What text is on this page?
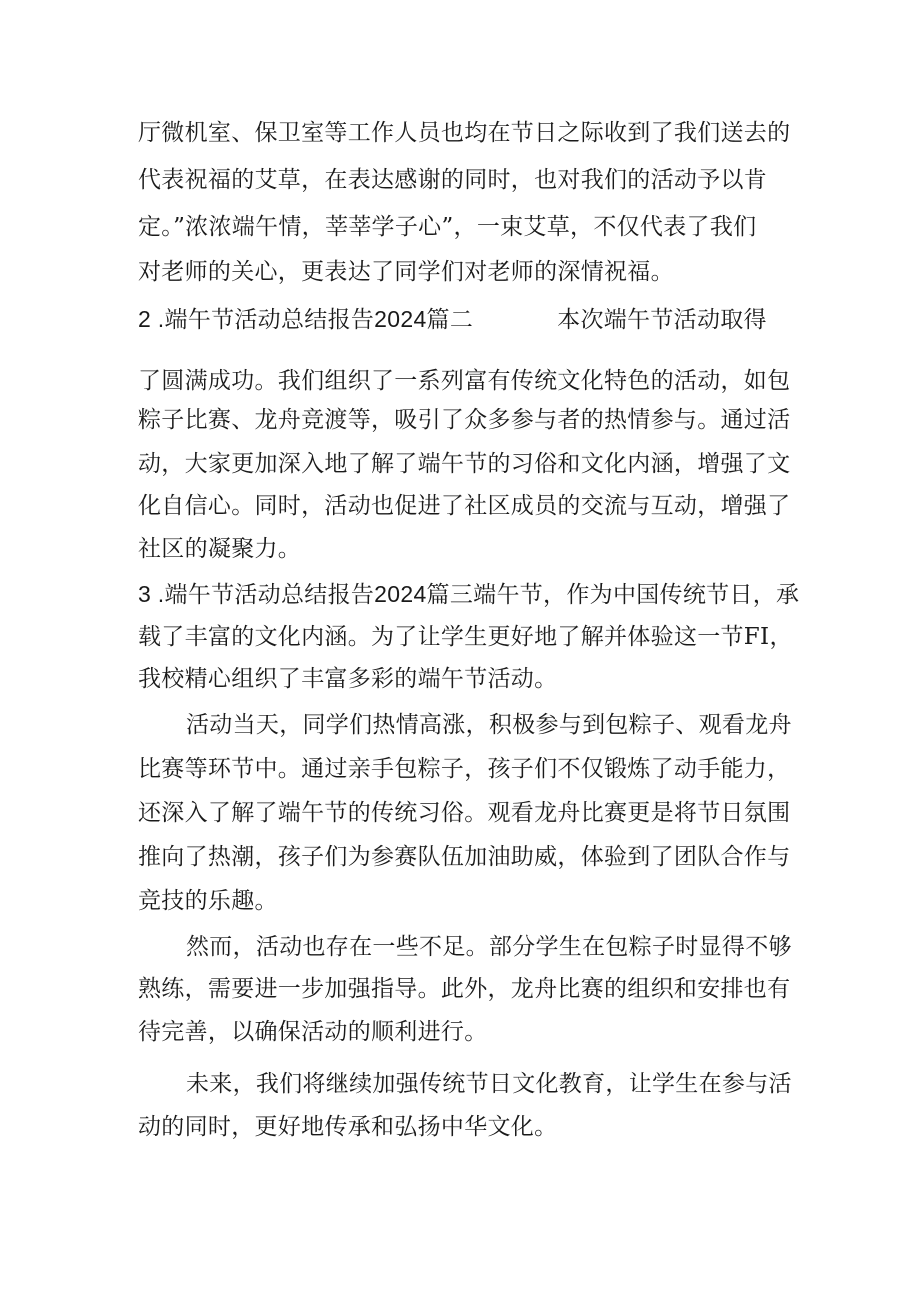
厅微机室、保卫室等工作人员也均在节日之际收到了我们送去的
代表祝福的艾草，在表达感谢的同时，也对我们的活动予以肯
定。”浓浓端午情，莘莘学子心”，一束艾草，不仅代表了我们
对老师的关心，更表达了同学们对老师的深情祝福。
2 .端午节活动总结报告2024篇二	本次端午节活动取得
了圆满成功。我们组织了一系列富有传统文化特色的活动，如包
粽子比赛、龙舟竞渡等，吸引了众多参与者的热情参与。通过活
动，大家更加深入地了解了端午节的习俗和文化内涵，增强了文
化自信心。同时，活动也促进了社区成员的交流与互动，增强了
社区的凝聚力。
3 .端午节活动总结报告2024篇三端午节，作为中国传统节日，承
载了丰富的文化内涵。为了让学生更好地了解并体验这一节FI，
我校精心组织了丰富多彩的端午节活动。
活动当天，同学们热情高涨，积极参与到包粽子、观看龙舟
比赛等环节中。通过亲手包粽子，孩子们不仅锻炼了动手能力，
还深入了解了端午节的传统习俗。观看龙舟比赛更是将节日氛围
推向了热潮，孩子们为参赛队伍加油助威，体验到了团队合作与
竞技的乐趣。
然而，活动也存在一些不足。部分学生在包粽子时显得不够
熟练，需要进一步加强指导。此外，龙舟比赛的组织和安排也有
待完善，以确保活动的顺利进行。
未来，我们将继续加强传统节日文化教育，让学生在参与活
动的同时，更好地传承和弘扬中华文化。
